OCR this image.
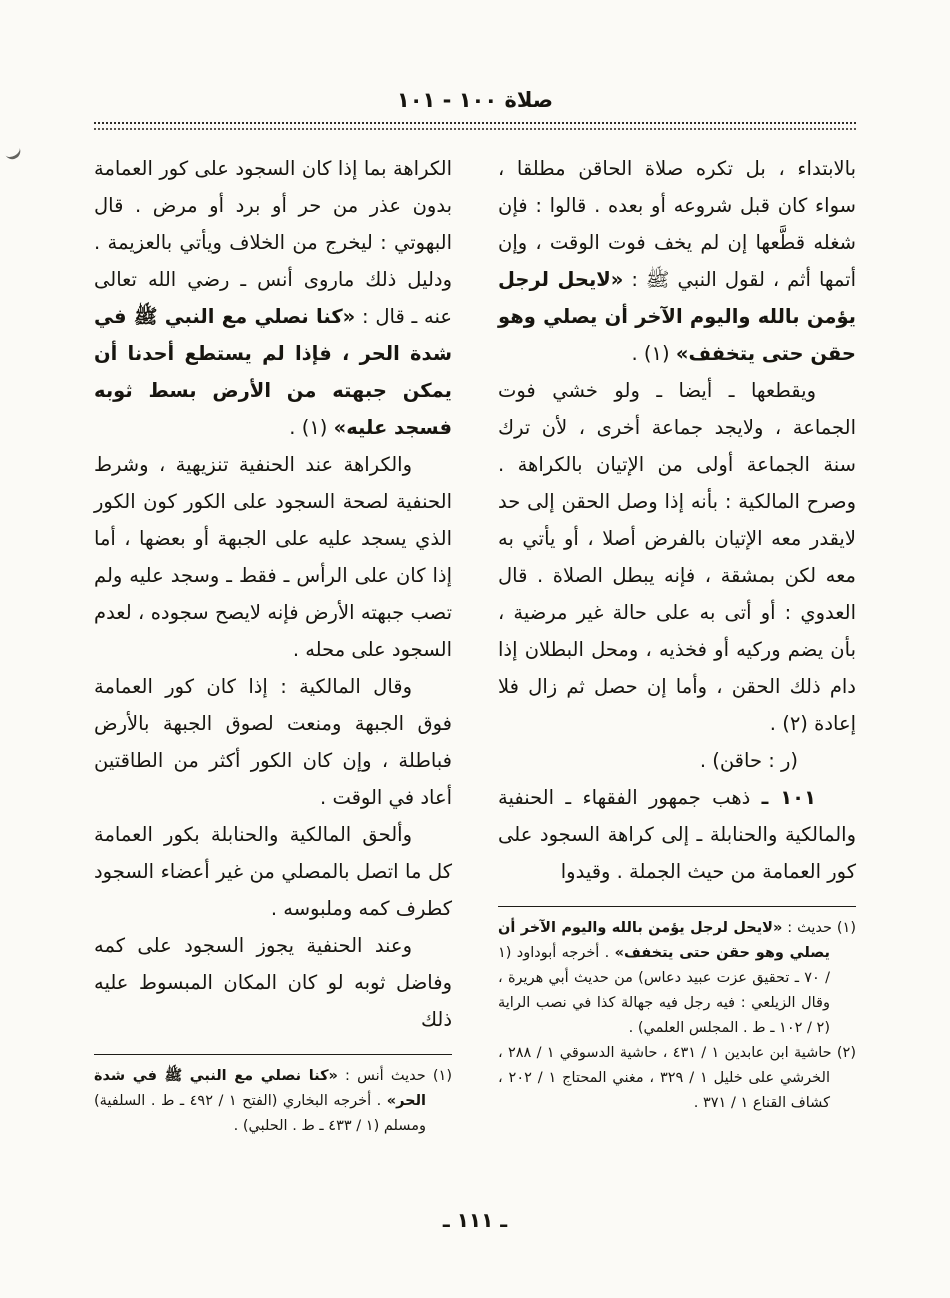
صلاة ١٠٠ - ١٠١

بالابتداء ، بل تكره صلاة الحاقن مطلقا ، سواء كان قبل شروعه أو بعده . قالوا : فإن شغله قطَّعها إن لم يخف فوت الوقت ، وإن أتمها أثم ، لقول النبي ﷺ : «لايحل لرجل يؤمن بالله واليوم الآخر أن يصلي وهو حقن حتى يتخفف» (١) .

ويقطعها ـ أيضا ـ ولو خشي فوت الجماعة ، ولايجد جماعة أخرى ، لأن ترك سنة الجماعة أولى من الإتيان بالكراهة . وصرح المالكية : بأنه إذا وصل الحقن إلى حد لايقدر معه الإتيان بالفرض أصلا ، أو يأتي به معه لكن بمشقة ، فإنه يبطل الصلاة . قال العدوي : أو أتى به على حالة غير مرضية ، بأن يضم وركيه أو فخذيه ، ومحل البطلان إذا دام ذلك الحقن ، وأما إن حصل ثم زال فلا إعادة (٢) .

(ر : حاقن) .

١٠١ ـ ذهب جمهور الفقهاء ـ الحنفية والمالكية والحنابلة ـ إلى كراهة السجود على كور العمامة من حيث الجملة . وقيدوا

(١) حديث : «لايحل لرجل يؤمن بالله واليوم الآخر أن يصلي وهو حقن حتى يتخفف» . أخرجه أبوداود (١ / ٧٠ ـ تحقيق عزت عبيد دعاس) من حديث أبي هريرة ، وقال الزيلعي : فيه رجل فيه جهالة كذا في نصب الراية (٢ / ١٠٢ ـ ط . المجلس العلمي) .

(٢) حاشية ابن عابدين ١ / ٤٣١ ، حاشية الدسوقي ١ / ٢٨٨ ، الخرشي على خليل ١ / ٣٢٩ ، مغني المحتاج ١ / ٢٠٢ ، كشاف القناع ١ / ٣٧١ .

الكراهة بما إذا كان السجود على كور العمامة بدون عذر من حر أو برد أو مرض . قال البهوتي : ليخرج من الخلاف ويأتي بالعزيمة . ودليل ذلك ماروى أنس ـ رضي الله تعالى عنه ـ قال : «كنا نصلي مع النبي ﷺ في شدة الحر ، فإذا لم يستطع أحدنا أن يمكن جبهته من الأرض بسط ثوبه فسجد عليه» (١) .

والكراهة عند الحنفية تنزيهية ، وشرط الحنفية لصحة السجود على الكور كون الكور الذي يسجد عليه على الجبهة أو بعضها ، أما إذا كان على الرأس ـ فقط ـ وسجد عليه ولم تصب جبهته الأرض فإنه لايصح سجوده ، لعدم السجود على محله .

وقال المالكية : إذا كان كور العمامة فوق الجبهة ومنعت لصوق الجبهة بالأرض فباطلة ، وإن كان الكور أكثر من الطاقتين أعاد في الوقت .

وألحق المالكية والحنابلة بكور العمامة كل ما اتصل بالمصلي من غير أعضاء السجود كطرف كمه وملبوسه .

وعند الحنفية يجوز السجود على كمه وفاضل ثوبه لو كان المكان المبسوط عليه ذلك

(١) حديث أنس : «كنا نصلي مع النبي ﷺ في شدة الحر» . أخرجه البخاري (الفتح ١ / ٤٩٢ ـ ط . السلفية) ومسلم (١ / ٤٣٣ ـ ط . الحلبي) .

ـ ١١١ ـ
